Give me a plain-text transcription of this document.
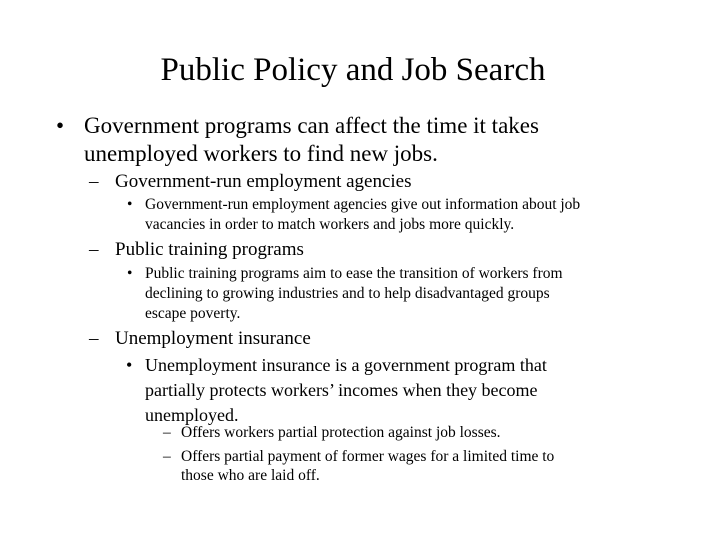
Public Policy and Job Search
• Government programs can affect the time it takes
unemployed workers to find new jobs.
– Government-run employment agencies
• Government-run employment agencies give out information about job
vacancies in order to match workers and jobs more quickly.
– Public training programs
• Public training programs aim to ease the transition of workers from
declining to growing industries and to help disadvantaged groups
escape poverty.
– Unemployment insurance
• Unemployment insurance is a government program that
partially protects workers’ incomes when they become
unemployed.
– Offers workers partial protection against job losses.
– Offers partial payment of former wages for a limited time to
those who are laid off.
